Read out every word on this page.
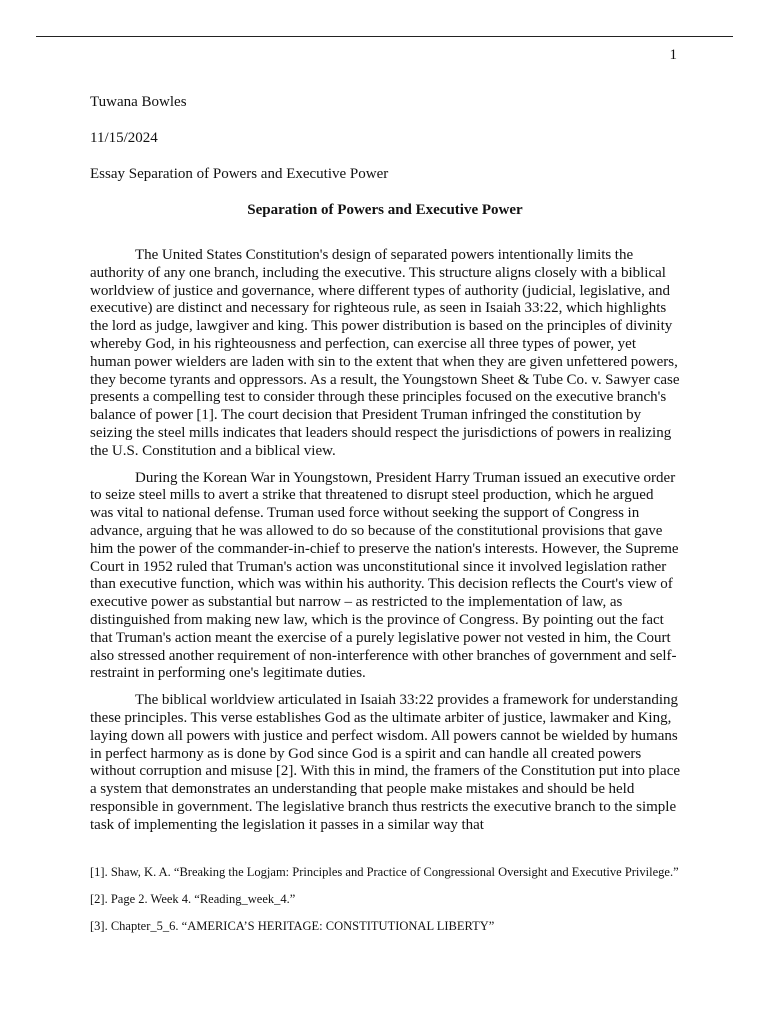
1

Tuwana Bowles

11/15/2024

Essay Separation of Powers and Executive Power

Separation of Powers and Executive Power

The United States Constitution's design of separated powers intentionally limits the authority of any one branch, including the executive. This structure aligns closely with a biblical worldview of justice and governance, where different types of authority (judicial, legislative, and executive) are distinct and necessary for righteous rule, as seen in Isaiah 33:22, which highlights the lord as judge, lawgiver and king. This power distribution is based on the principles of divinity whereby God, in his righteousness and perfection, can exercise all three types of power, yet human power wielders are laden with sin to the extent that when they are given unfettered powers, they become tyrants and oppressors. As a result, the Youngstown Sheet & Tube Co. v. Sawyer case presents a compelling test to consider through these principles focused on the executive branch's balance of power [1]. The court decision that President Truman infringed the constitution by seizing the steel mills indicates that leaders should respect the jurisdictions of powers in realizing the U.S. Constitution and a biblical view.

During the Korean War in Youngstown, President Harry Truman issued an executive order to seize steel mills to avert a strike that threatened to disrupt steel production, which he argued was vital to national defense. Truman used force without seeking the support of Congress in advance, arguing that he was allowed to do so because of the constitutional provisions that gave him the power of the commander-in-chief to preserve the nation's interests. However, the Supreme Court in 1952 ruled that Truman's action was unconstitutional since it involved legislation rather than executive function, which was within his authority. This decision reflects the Court's view of executive power as substantial but narrow – as restricted to the implementation of law, as distinguished from making new law, which is the province of Congress. By pointing out the fact that Truman's action meant the exercise of a purely legislative power not vested in him, the Court also stressed another requirement of non-interference with other branches of government and self-restraint in performing one's legitimate duties.

The biblical worldview articulated in Isaiah 33:22 provides a framework for understanding these principles. This verse establishes God as the ultimate arbiter of justice, lawmaker and King, laying down all powers with justice and perfect wisdom. All powers cannot be wielded by humans in perfect harmony as is done by God since God is a spirit and can handle all created powers without corruption and misuse [2]. With this in mind, the framers of the Constitution put into place a system that demonstrates an understanding that people make mistakes and should be held responsible in government. The legislative branch thus restricts the executive branch to the simple task of implementing the legislation it passes in a similar way that

[1]. Shaw, K. A. “Breaking the Logjam: Principles and Practice of Congressional Oversight and Executive Privilege.”

[2]. Page 2. Week 4. “Reading_week_4.”

[3]. Chapter_5_6. “AMERICA’S HERITAGE: CONSTITUTIONAL LIBERTY”
